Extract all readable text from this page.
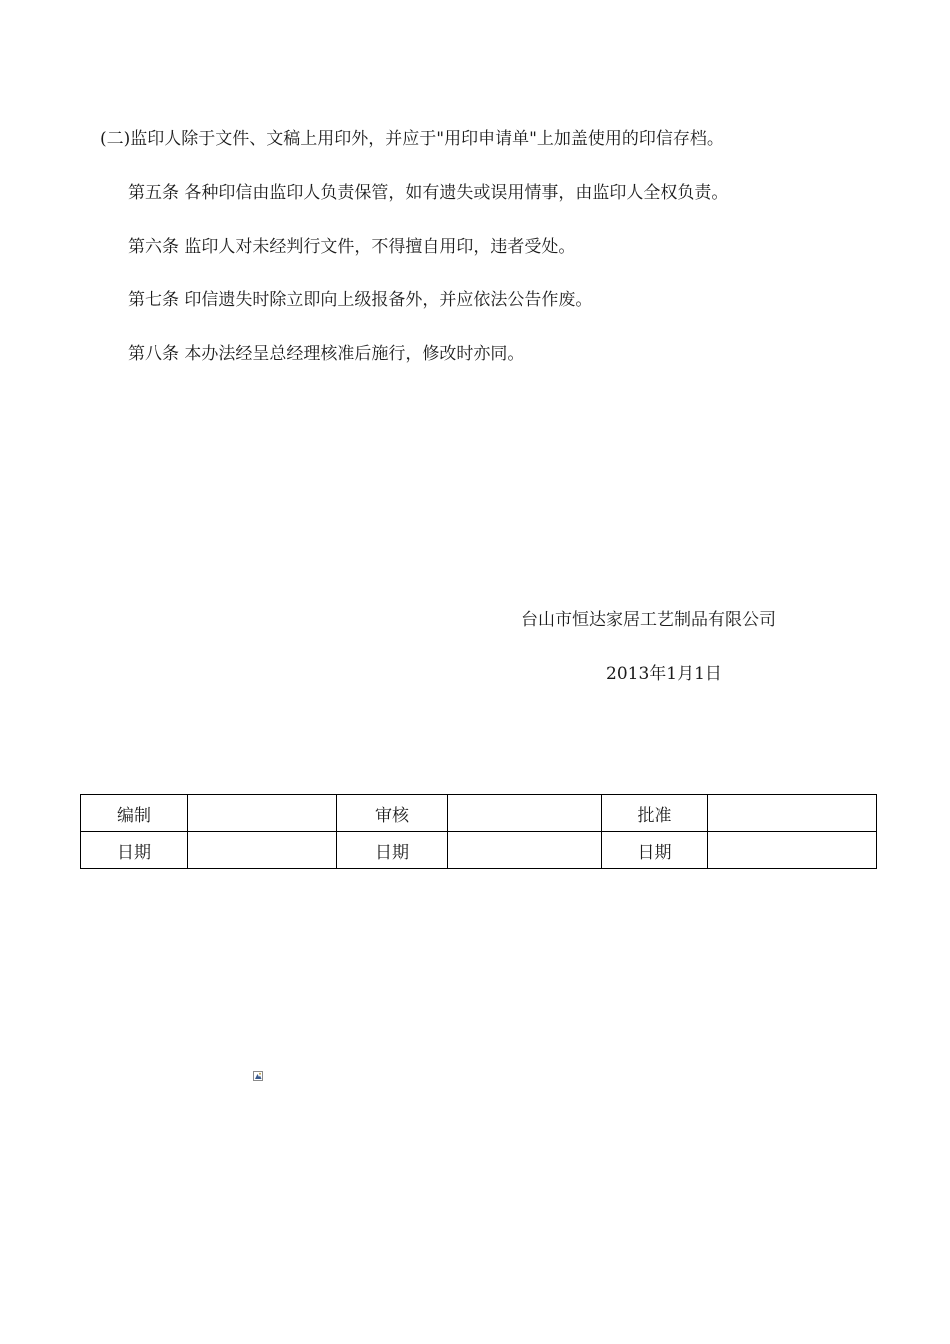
(二)监印人除于文件、文稿上用印外，并应于"用印申请单"上加盖使用的印信存档。

第五条 各种印信由监印人负责保管，如有遗失或误用情事，由监印人全权负责。

第六条 监印人对未经判行文件，不得擅自用印，违者受处。

第七条 印信遗失时除立即向上级报备外，并应依法公告作废。

第八条 本办法经呈总经理核准后施行，修改时亦同。

台山市恒达家居工艺制品有限公司
2013年1月1日
编制		审核		批准	
日期		日期		日期	
